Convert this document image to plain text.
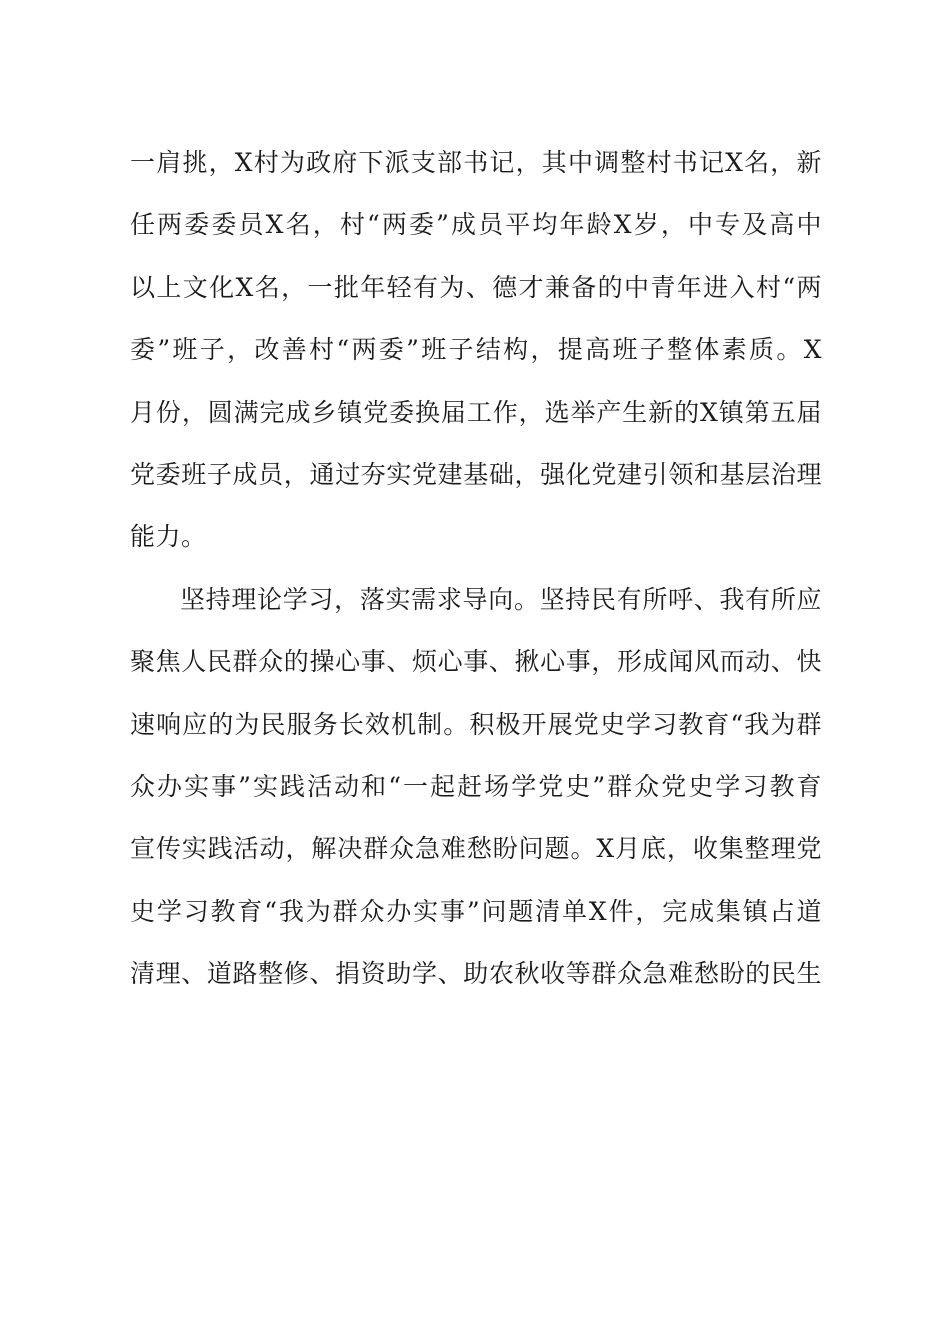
一肩挑，X村为政府下派支部书记，其中调整村书记X名，新
任两委委员X名，村“两委”成员平均年龄X岁，中专及高中
以上文化X名，一批年轻有为、德才兼备的中青年进入村“两
委”班子，改善村“两委”班子结构，提高班子整体素质。X
月份，圆满完成乡镇党委换届工作，选举产生新的X镇第五届
党委班子成员，通过夯实党建基础，强化党建引领和基层治理
能力。
坚持理论学习，落实需求导向。坚持民有所呼、我有所应
聚焦人民群众的操心事、烦心事、揪心事，形成闻风而动、快
速响应的为民服务长效机制。积极开展党史学习教育“我为群
众办实事”实践活动和“一起赶场学党史”群众党史学习教育
宣传实践活动，解决群众急难愁盼问题。X月底，收集整理党
史学习教育“我为群众办实事”问题清单X件，完成集镇占道
清理、道路整修、捐资助学、助农秋收等群众急难愁盼的民生
